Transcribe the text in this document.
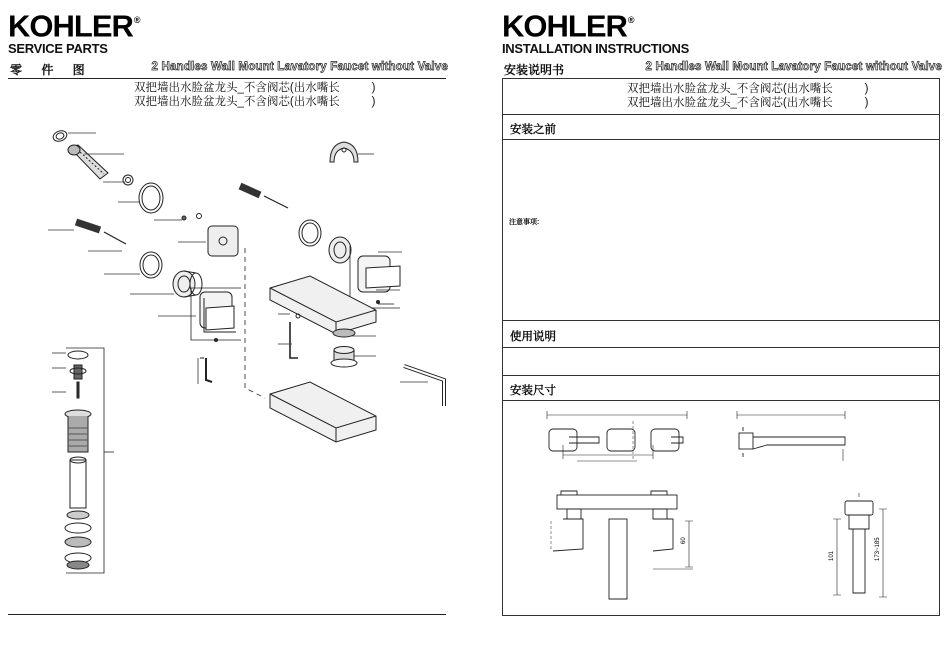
KOHLER®
SERVICE PARTS
零 件 图	2 Handles Wall Mount Lavatory Faucet without Valve
双把墙出水脸盆龙头_不含阀芯(出水嘴长          )
双把墙出水脸盆龙头_不含阀芯(出水嘴长          )
KOHLER®
INSTALLATION INSTRUCTIONS
安装说明书	2 Handles Wall Mount Lavatory Faucet without Valve
双把墙出水脸盆龙头_不含阀芯(出水嘴长          )
双把墙出水脸盆龙头_不含阀芯(出水嘴长          )
安装之前
注意事项:
使用说明
安装尺寸
60
101	173~185
